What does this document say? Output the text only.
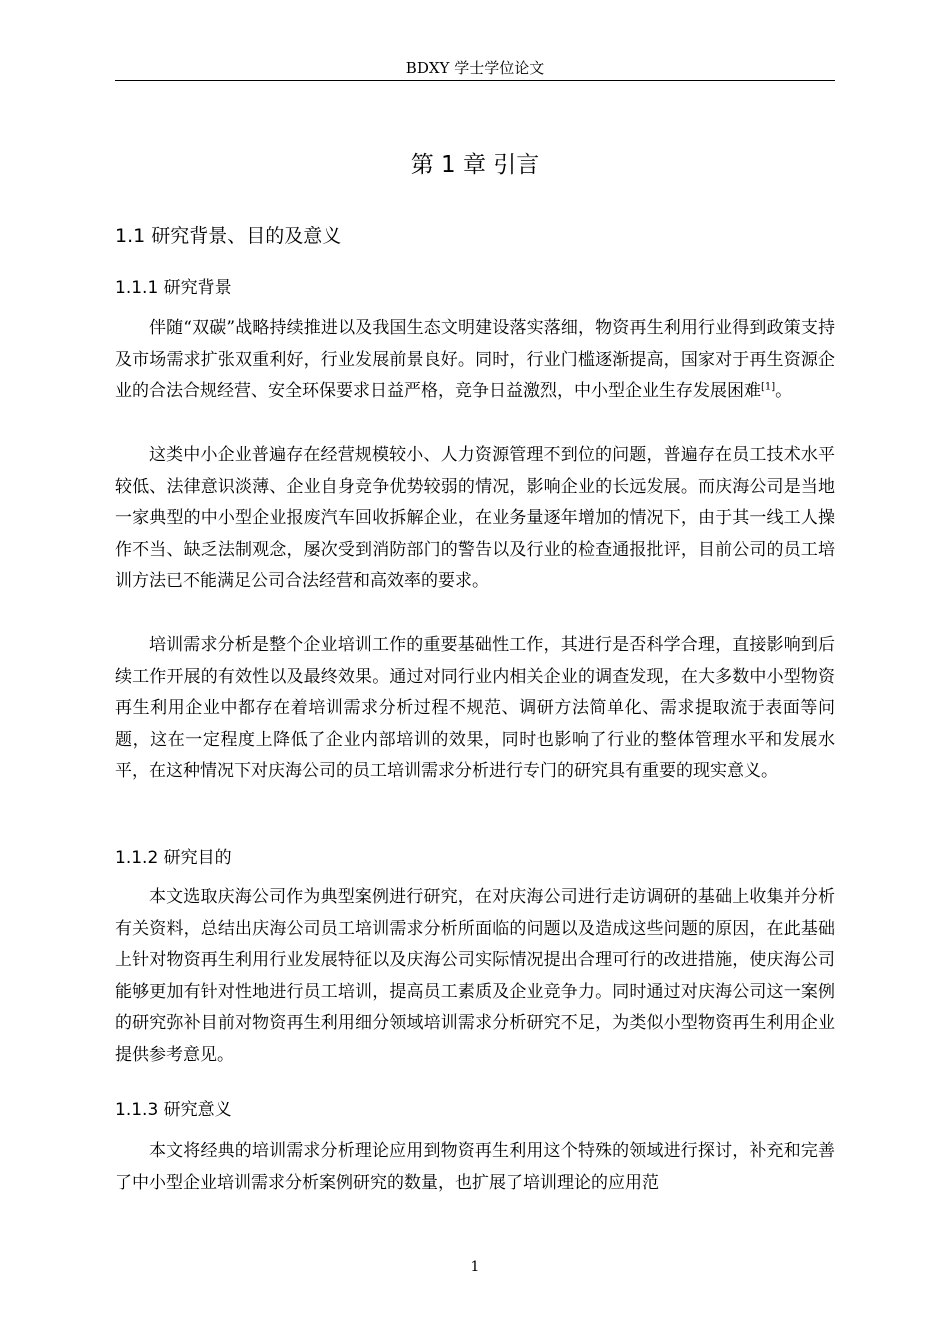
BDXY 学士学位论文
第 1 章 引言
1.1 研究背景、目的及意义
1.1.1 研究背景

伴随“双碳”战略持续推进以及我国生态文明建设落实落细，物资再生利用行业得到政策支持及市场需求扩张双重利好，行业发展前景良好。同时，行业门槛逐渐提高，国家对于再生资源企业的合法合规经营、安全环保要求日益严格，竞争日益激烈，中小型企业生存发展困难[1]。

这类中小企业普遍存在经营规模较小、人力资源管理不到位的问题，普遍存在员工技术水平较低、法律意识淡薄、企业自身竞争优势较弱的情况，影响企业的长远发展。而庆海公司是当地一家典型的中小型企业报废汽车回收拆解企业，在业务量逐年增加的情况下，由于其一线工人操作不当、缺乏法制观念，屡次受到消防部门的警告以及行业的检查通报批评，目前公司的员工培训方法已不能满足公司合法经营和高效率的要求。

培训需求分析是整个企业培训工作的重要基础性工作，其进行是否科学合理，直接影响到后续工作开展的有效性以及最终效果。通过对同行业内相关企业的调查发现，在大多数中小型物资再生利用企业中都存在着培训需求分析过程不规范、调研方法简单化、需求提取流于表面等问题，这在一定程度上降低了企业内部培训的效果，同时也影响了行业的整体管理水平和发展水平，在这种情况下对庆海公司的员工培训需求分析进行专门的研究具有重要的现实意义。

1.1.2 研究目的

本文选取庆海公司作为典型案例进行研究，在对庆海公司进行走访调研的基础上收集并分析有关资料，总结出庆海公司员工培训需求分析所面临的问题以及造成这些问题的原因，在此基础上针对物资再生利用行业发展特征以及庆海公司实际情况提出合理可行的改进措施，使庆海公司能够更加有针对性地进行员工培训，提高员工素质及企业竞争力。同时通过对庆海公司这一案例的研究弥补目前对物资再生利用细分领域培训需求分析研究不足，为类似小型物资再生利用企业提供参考意见。

1.1.3 研究意义

本文将经典的培训需求分析理论应用到物资再生利用这个特殊的领域进行探讨，补充和完善了中小型企业培训需求分析案例研究的数量，也扩展了培训理论的应用范

1
